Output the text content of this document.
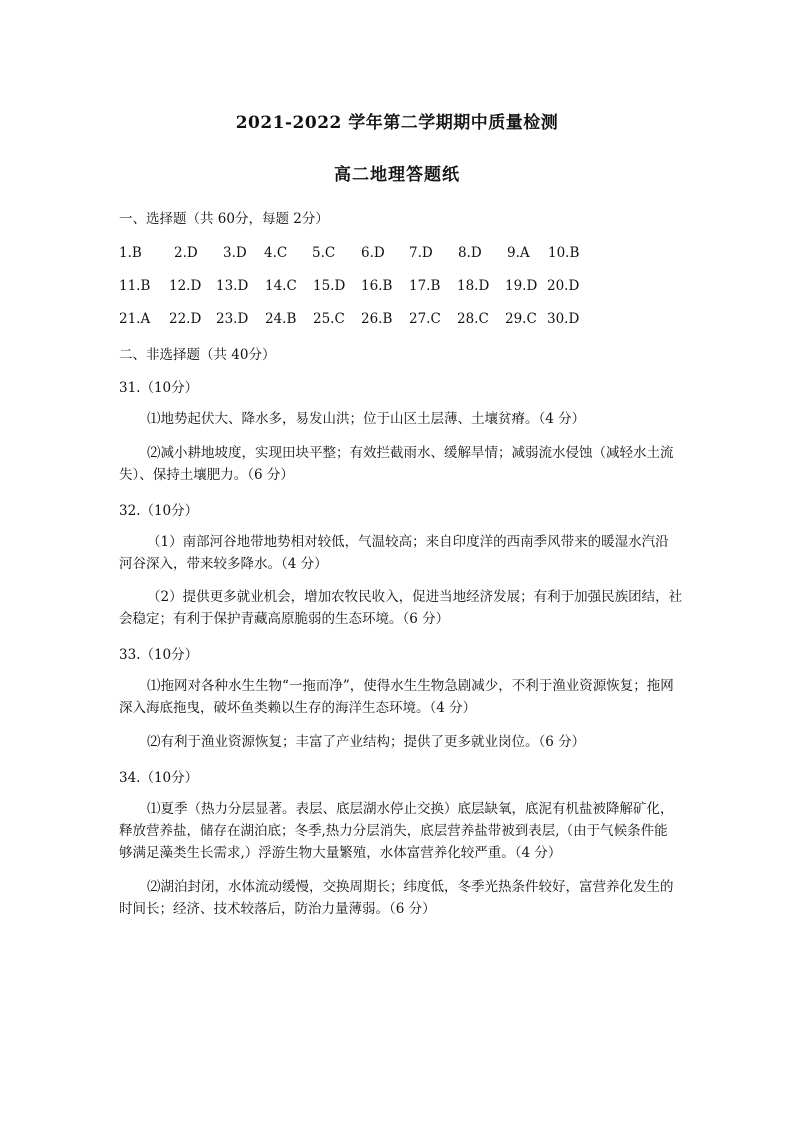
2021-2022 学年第二学期期中质量检测
高二地理答题纸
一、选择题（共 60分，每题 2分）
1.B 2.D 3.D 4.C 5.C 6.D 7.D 8.D 9.A 10.B
11.B 12.D 13.D 14.C 15.D 16.B 17.B 18.D 19.D 20.D
21.A 22.D 23.D 24.B 25.C 26.B 27.C 28.C 29.C 30.D
二、非选择题（共 40分）
31.（10分）
⑴地势起伏大、降水多，易发山洪；位于山区土层薄、土壤贫瘠。（4 分）
⑵减小耕地坡度，实现田块平整；有效拦截雨水、缓解旱情；减弱流水侵蚀（减轻水土流失）、保持土壤肥力。（6 分）
32.（10分）
（1）南部河谷地带地势相对较低，气温较高；来自印度洋的西南季风带来的暖湿水汽沿河谷深入，带来较多降水。（4 分）
（2）提供更多就业机会，增加农牧民收入，促进当地经济发展；有利于加强民族团结，社会稳定；有利于保护青藏高原脆弱的生态环境。（6 分）
33.（10分）
⑴拖网对各种水生生物“一拖而净”，使得水生生物急剧减少，不利于渔业资源恢复；拖网深入海底拖曳，破坏鱼类赖以生存的海洋生态环境。（4 分）
⑵有利于渔业资源恢复；丰富了产业结构；提供了更多就业岗位。（6 分）
34.（10分）
⑴夏季（热力分层显著。表层、底层湖水停止交换）底层缺氧，底泥有机盐被降解矿化，释放营养盐，储存在湖泊底；冬季,热力分层消失，底层营养盐带被到表层,（由于气候条件能够满足藻类生长需求,）浮游生物大量繁殖，水体富营养化较严重。（4 分）
⑵湖泊封闭，水体流动缓慢，交换周期长；纬度低，冬季光热条件较好，富营养化发生的时间长；经济、技术较落后，防治力量薄弱。（6 分）
